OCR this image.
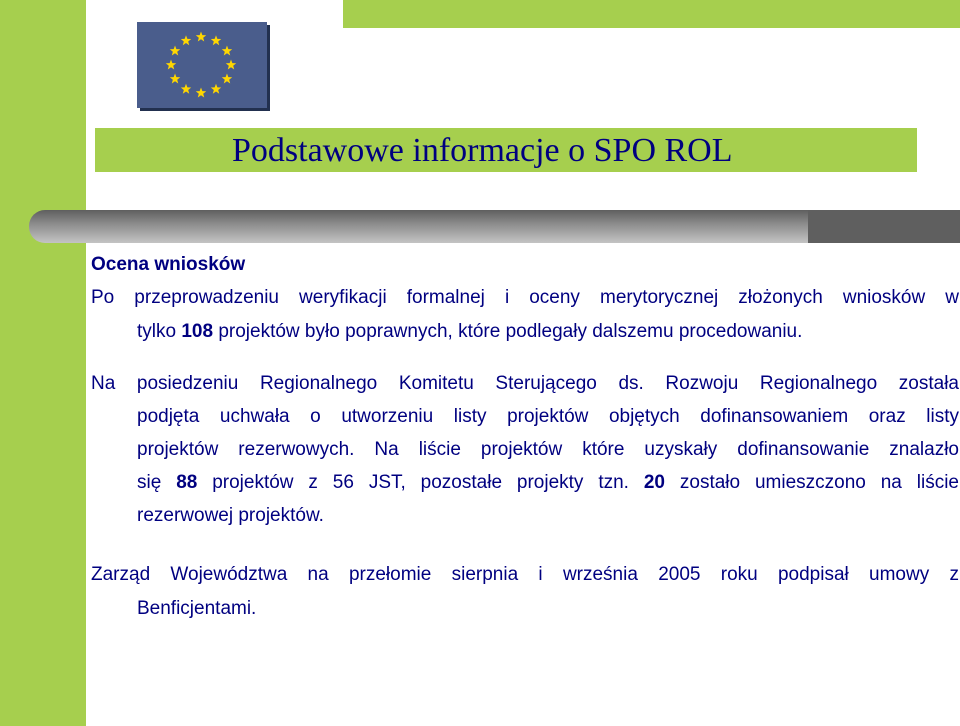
Podstawowe informacje o SPO ROL
Ocena wniosków
Po przeprowadzeniu weryfikacji formalnej i oceny merytorycznej złożonych wniosków w
tylko 108 projektów było poprawnych, które podlegały dalszemu procedowaniu.
Na posiedzeniu Regionalnego Komitetu Sterującego ds. Rozwoju Regionalnego została
podjęta uchwała o utworzeniu listy projektów objętych dofinansowaniem oraz listy
projektów rezerwowych. Na liście projektów które uzyskały dofinansowanie znalazło
się 88 projektów z 56 JST, pozostałe projekty tzn. 20 zostało umieszczono na liście
rezerwowej projektów.
Zarząd Województwa na przełomie sierpnia i września 2005 roku podpisał umowy z
Benficjentami.
